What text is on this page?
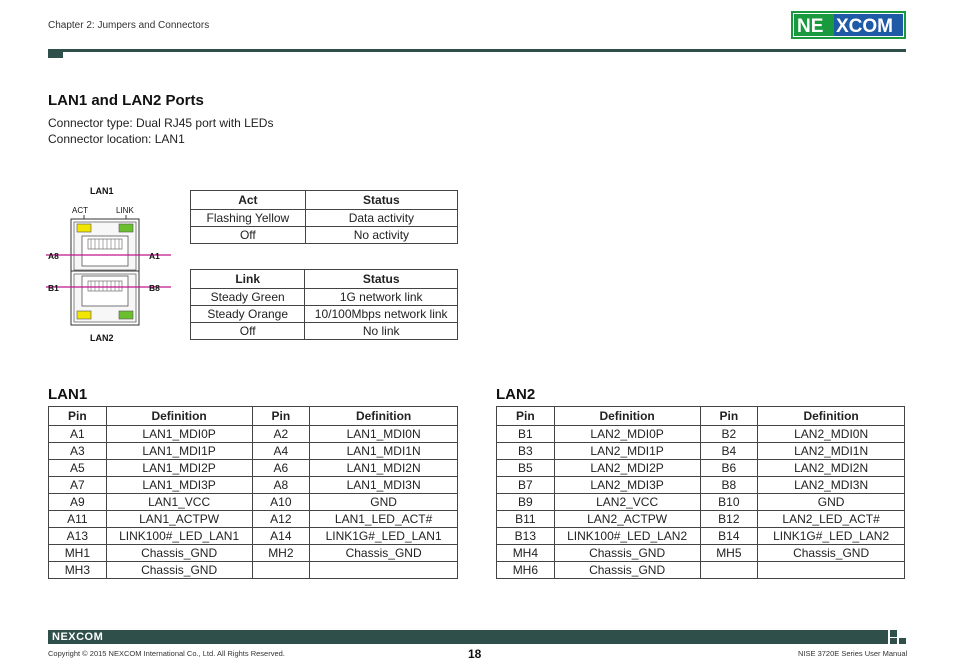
Chapter 2: Jumpers and Connectors	NE XCOM
LAN1 and LAN2 Ports
Connector type: Dual RJ45 port with LEDs
Connector location: LAN1
LAN1
ACT	LINK
A8	A1
B1	B8
LAN2
Act	Status
Flashing Yellow	Data activity
Off	No activity
Link	Status
Steady Green	1G network link
Steady Orange	10/100Mbps network link
Off	No link
LAN1
Pin	Definition	Pin	Definition
A1	LAN1_MDI0P	A2	LAN1_MDI0N
A3	LAN1_MDI1P	A4	LAN1_MDI1N
A5	LAN1_MDI2P	A6	LAN1_MDI2N
A7	LAN1_MDI3P	A8	LAN1_MDI3N
A9	LAN1_VCC	A10	GND
A11	LAN1_ACTPW	A12	LAN1_LED_ACT#
A13	LINK100#_LED_LAN1	A14	LINK1G#_LED_LAN1
MH1	Chassis_GND	MH2	Chassis_GND
MH3	Chassis_GND		
LAN2
Pin	Definition	Pin	Definition
B1	LAN2_MDI0P	B2	LAN2_MDI0N
B3	LAN2_MDI1P	B4	LAN2_MDI1N
B5	LAN2_MDI2P	B6	LAN2_MDI2N
B7	LAN2_MDI3P	B8	LAN2_MDI3N
B9	LAN2_VCC	B10	GND
B11	LAN2_ACTPW	B12	LAN2_LED_ACT#
B13	LINK100#_LED_LAN2	B14	LINK1G#_LED_LAN2
MH4	Chassis_GND	MH5	Chassis_GND
MH6	Chassis_GND		
NEXCOM
Copyright © 2015 NEXCOM International Co., Ltd. All Rights Reserved.	18	NISE 3720E Series User Manual
